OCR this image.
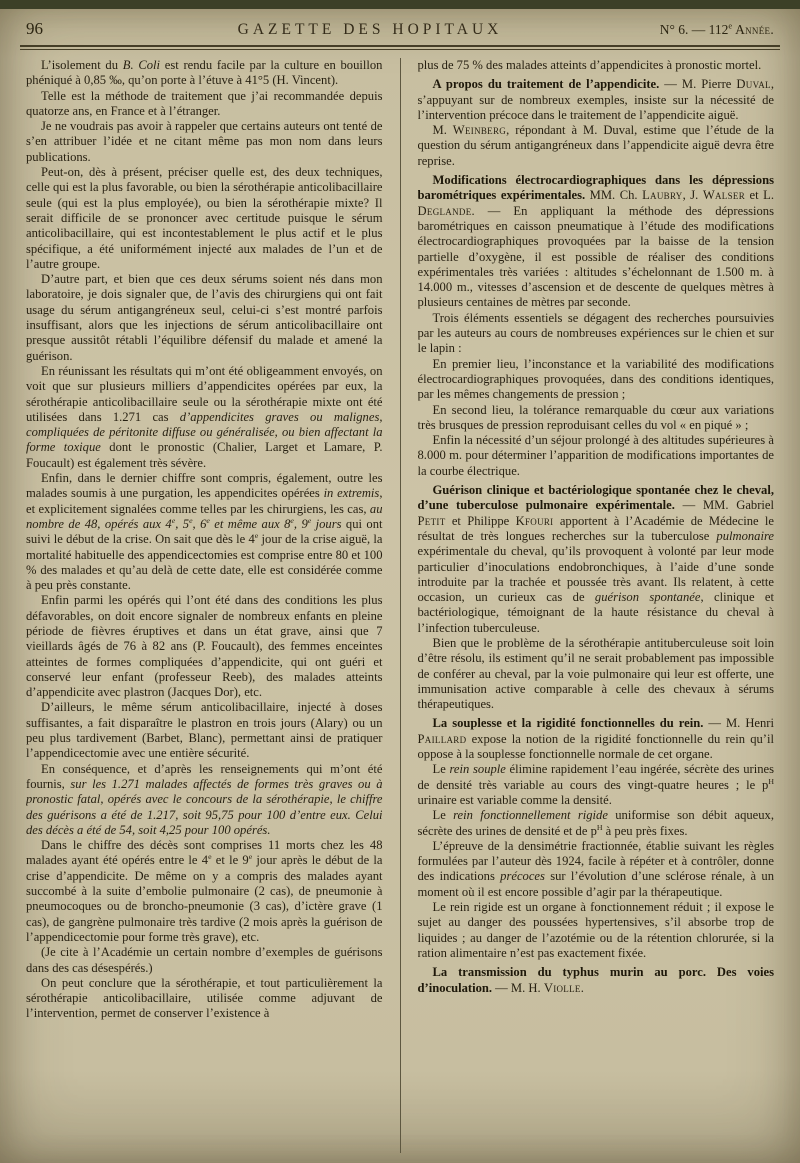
96	GAZETTE DES HOPITAUX	N° 6. — 112e Année.

L’isolement du B. Coli est rendu facile par la culture en bouillon phéniqué à 0,85 ‰, qu’on porte à l’étuve à 41°5 (H. Vincent).

Telle est la méthode de traitement que j’ai recommandée depuis quatorze ans, en France et à l’étranger.

Je ne voudrais pas avoir à rappeler que certains auteurs ont tenté de s’en attribuer l’idée et ne citant même pas mon nom dans leurs publications.

Peut-on, dès à présent, préciser quelle est, des deux techniques, celle qui est la plus favorable, ou bien la sérothérapie anticolibacillaire seule (qui est la plus employée), ou bien la sérothérapie mixte? Il serait difficile de se prononcer avec certitude puisque le sérum anticolibacillaire, qui est incontestablement le plus actif et le plus spécifique, a été uniformément injecté aux malades de l’un et de l’autre groupe.

D’autre part, et bien que ces deux sérums soient nés dans mon laboratoire, je dois signaler que, de l’avis des chirurgiens qui ont fait usage du sérum antigangréneux seul, celui-ci s’est montré parfois insuffisant, alors que les injections de sérum anticolibacillaire ont presque aussitôt rétabli l’équilibre défensif du malade et amené la guérison.

En réunissant les résultats qui m’ont été obligeamment envoyés, on voit que sur plusieurs milliers d’appendicites opérées par eux, la sérothérapie anticolibacillaire seule ou la sérothérapie mixte ont été utilisées dans 1.271 cas d’appendicites graves ou malignes, compliquées de péritonite diffuse ou généralisée, ou bien affectant la forme toxique dont le pronostic (Chalier, Larget et Lamare, P. Foucault) est également très sévère.

Enfin, dans le dernier chiffre sont compris, également, outre les malades soumis à une purgation, les appendicites opérées in extremis, et explicitement signalées comme telles par les chirurgiens, les cas, au nombre de 48, opérés aux 4e, 5e, 6e et même aux 8e, 9e jours qui ont suivi le début de la crise. On sait que dès le 4e jour de la crise aiguë, la mortalité habituelle des appendicectomies est comprise entre 80 et 100 % des malades et qu’au delà de cette date, elle est considérée comme à peu près constante.

Enfin parmi les opérés qui l’ont été dans des conditions les plus défavorables, on doit encore signaler de nombreux enfants en pleine période de fièvres éruptives et dans un état grave, ainsi que 7 vieillards âgés de 76 à 82 ans (P. Foucault), des femmes enceintes atteintes de formes compliquées d’appendicite, qui ont guéri et conservé leur enfant (professeur Reeb), des malades atteints d’appendicite avec plastron (Jacques Dor), etc.

D’ailleurs, le même sérum anticolibacillaire, injecté à doses suffisantes, a fait disparaître le plastron en trois jours (Alary) ou un peu plus tardivement (Barbet, Blanc), permettant ainsi de pratiquer l’appendicectomie avec une entière sécurité.

En conséquence, et d’après les renseignements qui m’ont été fournis, sur les 1.271 malades affectés de formes très graves ou à pronostic fatal, opérés avec le concours de la sérothérapie, le chiffre des guérisons a été de 1.217, soit 95,75 pour 100 d’entre eux. Celui des décès a été de 54, soit 4,25 pour 100 opérés.

Dans le chiffre des décès sont comprises 11 morts chez les 48 malades ayant été opérés entre le 4e et le 9e jour après le début de la crise d’appendicite. De même on y a compris des malades ayant succombé à la suite d’embolie pulmonaire (2 cas), de pneumonie à pneumocoques ou de broncho-pneumonie (3 cas), d’ictère grave (1 cas), de gangrène pulmonaire très tardive (2 mois après la guérison de l’appendicectomie pour forme très grave), etc.

(Je cite à l’Académie un certain nombre d’exemples de guérisons dans des cas désespérés.)

On peut conclure que la sérothérapie, et tout particulièrement la sérothérapie anticolibacillaire, utilisée comme adjuvant de l’intervention, permet de conserver l’existence à

plus de 75 % des malades atteints d’appendicites à pronostic mortel.

A propos du traitement de l’appendicite. — M. Pierre Duval, s’appuyant sur de nombreux exemples, insiste sur la nécessité de l’intervention précoce dans le traitement de l’appendicite aiguë.

M. Weinberg, répondant à M. Duval, estime que l’étude de la question du sérum antigangréneux dans l’appendicite aiguë devra être reprise.

Modifications électrocardiographiques dans les dépressions barométriques expérimentales. MM. Ch. Laubry, J. Walser et L. Deglande. — En appliquant la méthode des dépressions barométriques en caisson pneumatique à l’étude des modifications électrocardiographiques provoquées par la baisse de la tension partielle d’oxygène, il est possible de réaliser des conditions expérimentales très variées : altitudes s’échelonnant de 1.500 m. à 14.000 m., vitesses d’ascension et de descente de quelques mètres à plusieurs centaines de mètres par seconde.

Trois éléments essentiels se dégagent des recherches poursuivies par les auteurs au cours de nombreuses expériences sur le chien et sur le lapin :

En premier lieu, l’inconstance et la variabilité des modifications électrocardiographiques provoquées, dans des conditions identiques, par les mêmes changements de pression ;

En second lieu, la tolérance remarquable du cœur aux variations très brusques de pression reproduisant celles du vol « en piqué » ;

Enfin la nécessité d’un séjour prolongé à des altitudes supérieures à 8.000 m. pour déterminer l’apparition de modifications importantes de la courbe électrique.

Guérison clinique et bactériologique spontanée chez le cheval, d’une tuberculose pulmonaire expérimentale. — MM. Gabriel Petit et Philippe Kfouri apportent à l’Académie de Médecine le résultat de très longues recherches sur la tuberculose pulmonaire expérimentale du cheval, qu’ils provoquent à volonté par leur mode particulier d’inoculations endobronchiques, à l’aide d’une sonde introduite par la trachée et poussée très avant. Ils relatent, à cette occasion, un curieux cas de guérison spontanée, clinique et bactériologique, témoignant de la haute résistance du cheval à l’infection tuberculeuse.

Bien que le problème de la sérothérapie antituberculeuse soit loin d’être résolu, ils estiment qu’il ne serait probablement pas impossible de conférer au cheval, par la voie pulmonaire qui leur est offerte, une immunisation active comparable à celle des chevaux à sérums thérapeutiques.

La souplesse et la rigidité fonctionnelles du rein. — M. Henri Paillard expose la notion de la rigidité fonctionnelle du rein qu’il oppose à la souplesse fonctionnelle normale de cet organe.

Le rein souple élimine rapidement l’eau ingérée, sécrète des urines de densité très variable au cours des vingt-quatre heures ; le $p^H$ urinaire est variable comme la densité.

Le rein fonctionnellement rigide uniformise son débit aqueux, sécrète des urines de densité et de $p^H$ à peu près fixes.

L’épreuve de la densimétrie fractionnée, établie suivant les règles formulées par l’auteur dès 1924, facile à répéter et à contrôler, donne des indications précoces sur l’évolution d’une sclérose rénale, à un moment où il est encore possible d’agir par la thérapeutique.

Le rein rigide est un organe à fonctionnement réduit ; il expose le sujet au danger des poussées hypertensives, s’il absorbe trop de liquides ; au danger de l’azotémie ou de la rétention chlorurée, si la ration alimentaire n’est pas exactement fixée.

La transmission du typhus murin au porc. Des voies d’inoculation. — M. H. Violle.
